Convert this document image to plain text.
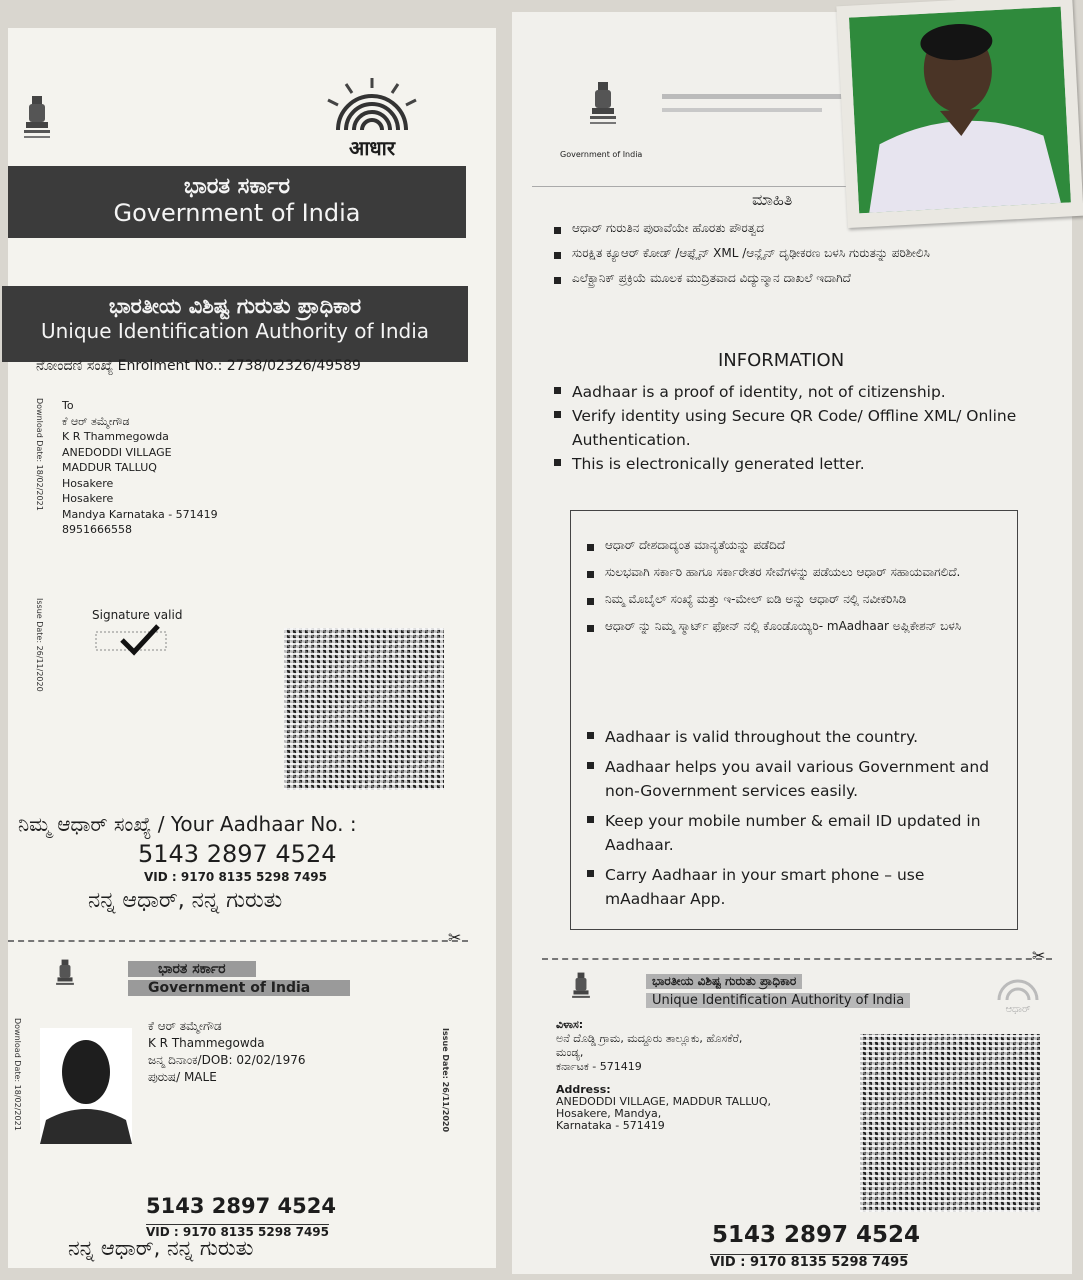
आधार
ಭಾರತ ಸರ್ಕಾರ
Government of India
ಭಾರತೀಯ ವಿಶಿಷ್ಟ ಗುರುತು ಪ್ರಾಧಿಕಾರ
Unique Identification Authority of India
ನೋಂದಣಿ ಸಂಖ್ಯೆ Enrolment No.: 2738/02326/49589
Download Date: 18/02/2021
Issue Date: 26/11/2020
To
ಕೆ ಆರ್ ತಮ್ಮೇಗೌಡ
K R Thammegowda
ANEDODDI VILLAGE
MADDUR TALLUQ
Hosakere
Hosakere
Mandya Karnataka - 571419
8951666558
Signature valid
ನಿಮ್ಮ ಆಧಾರ್ ಸಂಖ್ಯೆ / Your Aadhaar No. :
5143 2897 4524
VID : 9170 8135 5298 7495
ನನ್ನ ಆಧಾರ್, ನನ್ನ ಗುರುತು
✂
ಭಾರತ ಸರ್ಕಾರ Government of India
Download Date: 18/02/2021	Issue Date: 26/11/2020
ಕೆ ಆರ್ ತಮ್ಮೇಗೌಡ
K R Thammegowda
ಜನ್ಮ ದಿನಾಂಕ/DOB: 02/02/1976
ಪುರುಷ/ MALE
5143 2897 4524
VID : 9170 8135 5298 7495
ನನ್ನ ಆಧಾರ್, ನನ್ನ ಗುರುತು
Government of India
ಮಾಹಿತಿ
ಆಧಾರ್ ಗುರುತಿನ ಪುರಾವೆಯೇ ಹೊರತು ಪೌರತ್ವದ
ಸುರಕ್ಷಿತ ಕ್ಯೂಆರ್ ಕೋಡ್ /ಆಫ್ಲೈನ್ XML /ಆನ್ಲೈನ್ ದೃಢೀಕರಣ ಬಳಸಿ ಗುರುತನ್ನು ಪರಿಶೀಲಿಸಿ
ಎಲೆಕ್ಟ್ರಾನಿಕ್ ಪ್ರಕ್ರಿಯೆ ಮೂಲಕ ಮುದ್ರಿತವಾದ ವಿದ್ಯುನ್ಮಾನ ದಾಖಲೆ ಇದಾಗಿದೆ
INFORMATION
Aadhaar is a proof of identity, not of citizenship.
Verify identity using Secure QR Code/ Offline XML/ Online Authentication.
This is electronically generated letter.
ಆಧಾರ್ ದೇಶದಾದ್ಯಂತ ಮಾನ್ಯತೆಯನ್ನು ಪಡೆದಿದೆ
ಸುಲಭವಾಗಿ ಸರ್ಕಾರಿ ಹಾಗೂ ಸರ್ಕಾರೇತರ ಸೇವೆಗಳನ್ನು ಪಡೆಯಲು ಆಧಾರ್ ಸಹಾಯವಾಗಲಿದೆ.
ನಿಮ್ಮ ಮೊಬೈಲ್ ಸಂಖ್ಯೆ ಮತ್ತು ಇ-ಮೇಲ್ ಐಡಿ ಅನ್ನು ಆಧಾರ್ ನಲ್ಲಿ ನವೀಕರಿಸಿಡಿ
ಆಧಾರ್ ನ್ನು ನಿಮ್ಮ ಸ್ಮಾರ್ಟ್ ಫೋನ್ ನಲ್ಲಿ ಕೊಂಡೊಯ್ಯಿರಿ- mAadhaar ಅಪ್ಲಿಕೇಶನ್ ಬಳಸಿ
Aadhaar is valid throughout the country.
Aadhaar helps you avail various Government and non-Government services easily.
Keep your mobile number & email ID updated in Aadhaar.
Carry Aadhaar in your smart phone – use mAadhaar App.
✂
ಭಾರತೀಯ ವಿಶಿಷ್ಟ ಗುರುತು ಪ್ರಾಧಿಕಾರ Unique Identification Authority of India
ಆಧಾರ್
ವಿಳಾಸ:
ಅನೆ ದೊಡ್ಡಿ ಗ್ರಾಮ, ಮದ್ದೂರು ತಾಲ್ಲೂಕು, ಹೊಸಕೆರೆ,
ಮಂಡ್ಯ,
ಕರ್ನಾಟಕ - 571419
Address:
ANEDODDI VILLAGE, MADDUR TALLUQ,
Hosakere, Mandya,
Karnataka - 571419
5143 2897 4524
VID : 9170 8135 5298 7495
